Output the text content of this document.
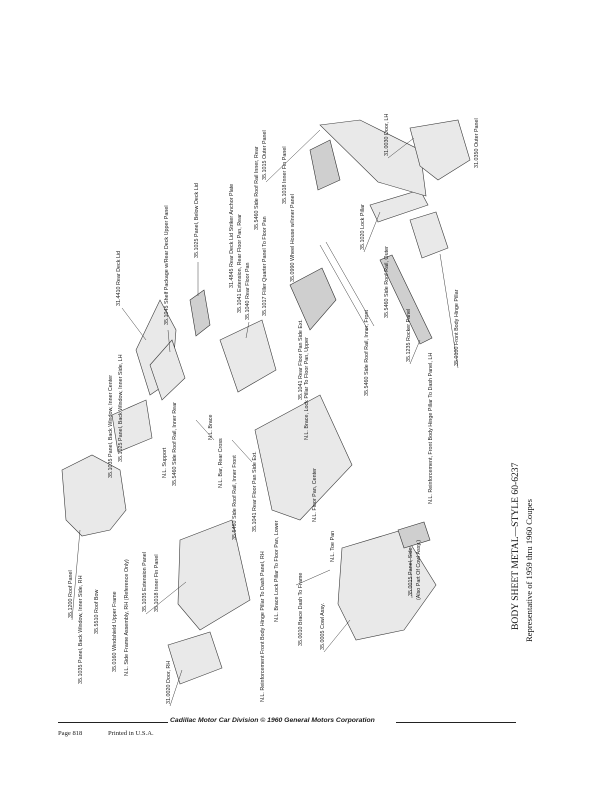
31.4410 Rear Deck Lid
35.1035 Panel, Back Window, Inner Center 35.1025 Panel, Back Window, Inner Side, LH
35.1045 Shelf Package w/Rear Deck Upper Panel	35.1025 Panel, Below Deck Lid	31.4845 Rear Deck Lid Striker Anchor Plate 35.1041 Extension, Rear Floor Pan, Rear 35.1040 Rear Floor Pan
35.5460 Side Roof Rail Inner, Rear 35.1015 Outer Panel	35.1018 Inner Fin Panel
31.0030 Door, LH	31.0350 Outer Panel
35.1020 Lock Pillar
35.1017 Filler Quarter Panel To Floor Pan	35.0990 Wheel House w/Inner Panel
35.5460 Side Roof Rail, Outer
N.L. Reinforcement, Front Body Hinge Pillar To Dash Panel, LH
35.1235 Rocker Panel	35.0100 Front Body Hinge Pillar
35.5460 Side Roof Rail, Inner, Front
35.1041 Rear Floor Pan Side Ext. N.L. Brace, Lock Pillar To Floor Pan, Upper
N.L. Brace
N.L. Bar, Rear Cross
N.L. Floor Pan, Center
N.L. Toe Pan
N.L. Support 35.5460 Side Roof Rail, Inner Rear
35.5460 Side Roof Rail, Inner Front	35.1041 Rear Floor Pan Side Ext.
35.1200 Roof Panel 35.1035 Panel, Back Window, Inner Side, RH 35.5510 Roof Bow 35.0160 Windshield Upper Frame N.L. Side Frame Assembly, RH (Reference Only) 35.1035 Extension Panel 35.1018 Inner Fin Panel
31.0020 Door, RH	N.L. Reinforcement Front Body Hinge Pillar To Dash Panel, RH N.L. Brace Lock Pillar To Floor Pan, Lower	35.0010 Brace Dash To Frame	35.0005 Cowl Assy.
35.0015 Panel, Side (Also Part Of Cowl Assy.)	BODY SHEET METAL—STYLE 60-6237 Representative of 1959 thru 1960 Coupes
Cadillac Motor Car Division © 1960 General Motors Corporation
Page 818	Printed in U.S.A.
